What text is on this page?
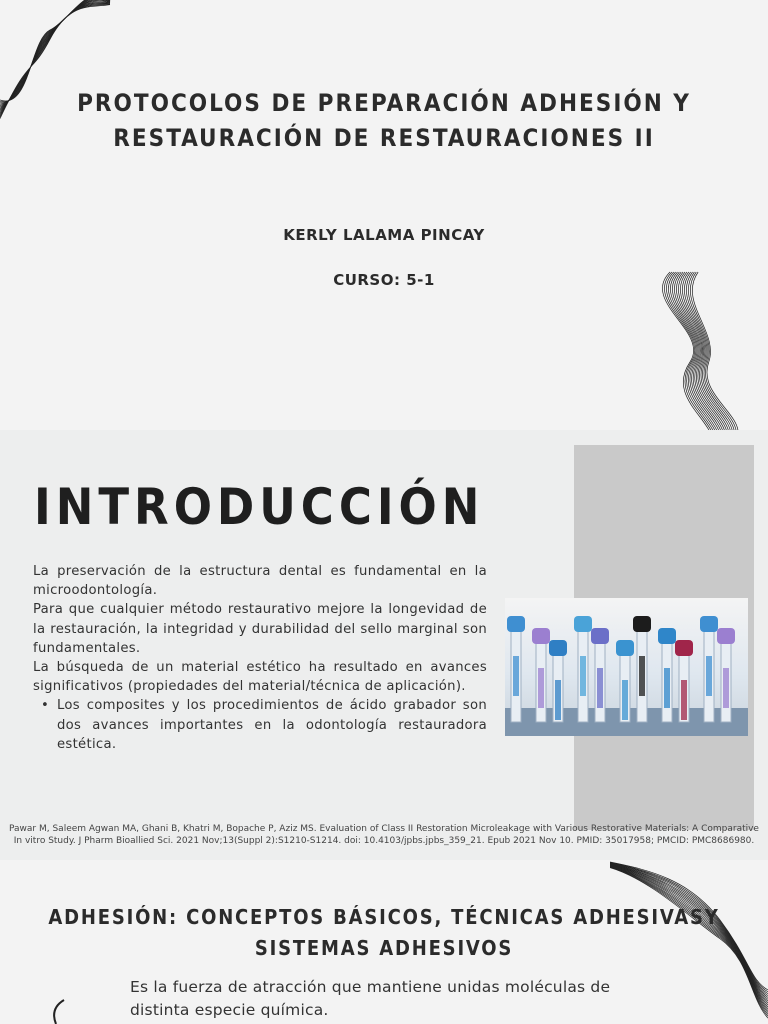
PROTOCOLOS DE PREPARACIÓN ADHESIÓN Y
RESTAURACIÓN DE RESTAURACIONES II
KERLY LALAMA PINCAY
CURSO: 5-1
INTRODUCCIÓN

La preservación de la estructura dental es fundamental en la microodontología.

Para que cualquier método restaurativo mejore la longevidad de la restauración, la integridad y durabilidad del sello marginal son fundamentales.

La búsqueda de un material estético ha resultado en avances significativos (propiedades del material/técnica de aplicación).

• Los composites y los procedimientos de ácido grabador son dos avances importantes en la odontología restauradora estética.
Pawar M, Saleem Agwan MA, Ghani B, Khatri M, Bopache P, Aziz MS. Evaluation of Class II Restoration Microleakage with Various Restorative Materials: A Comparative In vitro Study. J Pharm Bioallied Sci. 2021 Nov;13(Suppl 2):S1210-S1214. doi: 10.4103/jpbs.jpbs_359_21. Epub 2021 Nov 10. PMID: 35017958; PMCID: PMC8686980.
ADHESIÓN: CONCEPTOS BÁSICOS, TÉCNICAS ADHESIVASY
SISTEMAS ADHESIVOS
Es la fuerza de atracción que mantiene unidas moléculas de distinta especie química.
